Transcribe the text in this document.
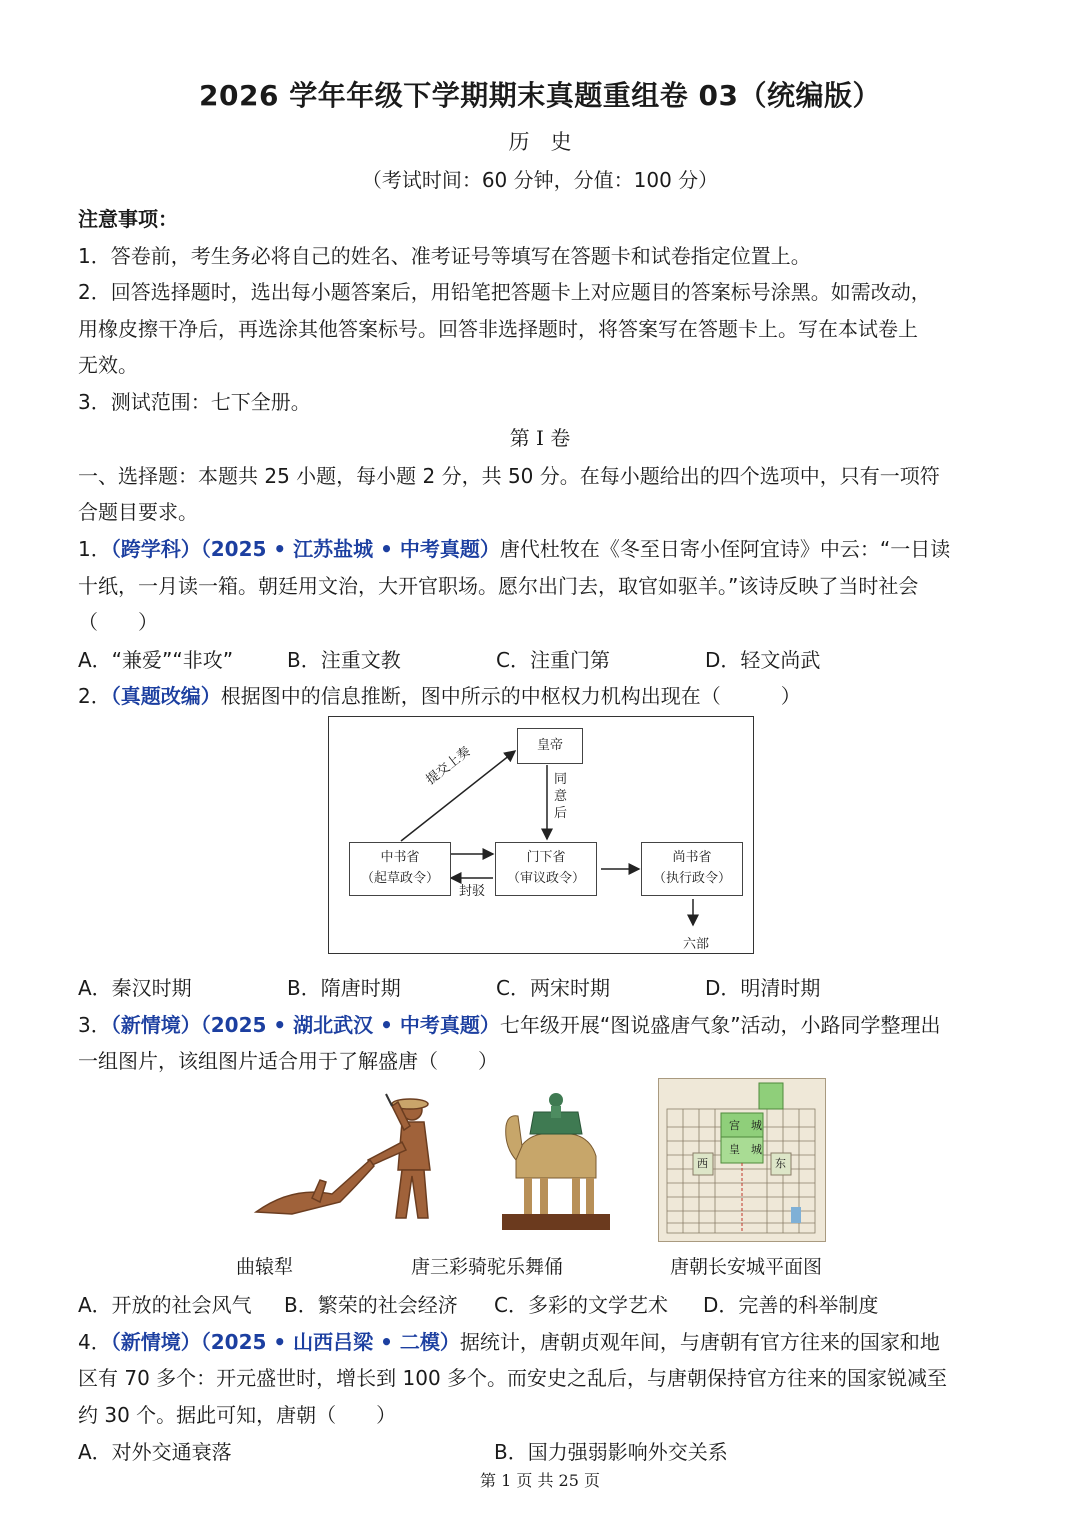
2026 学年年级下学期期末真题重组卷 03（统编版）
历　史
（考试时间：60 分钟，分值：100 分）
注意事项：
1．答卷前，考生务必将自己的姓名、准考证号等填写在答题卡和试卷指定位置上。
2．回答选择题时，选出每小题答案后，用铅笔把答题卡上对应题目的答案标号涂黑。如需改动，
用橡皮擦干净后，再选涂其他答案标号。回答非选择题时，将答案写在答题卡上。写在本试卷上
无效。
3．测试范围：七下全册。
第 I 卷
一、选择题：本题共 25 小题，每小题 2 分，共 50 分。在每小题给出的四个选项中，只有一项符
合题目要求。
1．（跨学科）（2025 • 江苏盐城 • 中考真题）唐代杜牧在《冬至日寄小侄阿宜诗》中云：“一日读
十纸，一月读一箱。朝廷用文治，大开官职场。愿尔出门去，取官如驱羊。”该诗反映了当时社会
（　　）
A．“兼爱”“非攻”	B．注重文教	C．注重门第	D．轻文尚武
2．（真题改编）根据图中的信息推断，图中所示的中枢权力机构出现在（　　　）
皇帝
提交上奏	同意后
中书省
（起草政令）
门下省
（审议政令）
尚书省
（执行政令）
封驳
六部
A．秦汉时期	B．隋唐时期	C．两宋时期	D．明清时期
3．（新情境）（2025 • 湖北武汉 • 中考真题）七年级开展“图说盛唐气象”活动，小路同学整理出
一组图片，该组图片适合用于了解盛唐（　　）
宫　城
皇　城
西	东
曲辕犁	唐三彩骑驼乐舞俑	唐朝长安城平面图
A．开放的社会风气 B．繁荣的社会经济 C．多彩的文学艺术 D．完善的科举制度
4．（新情境）（2025 • 山西吕梁 • 二模）据统计，唐朝贞观年间，与唐朝有官方往来的国家和地
区有 70 多个：开元盛世时，增长到 100 多个。而安史之乱后，与唐朝保持官方往来的国家锐减至
约 30 个。据此可知，唐朝（　　）
A．对外交通衰落	B．国力强弱影响外交关系
第 1 页 共 25 页
